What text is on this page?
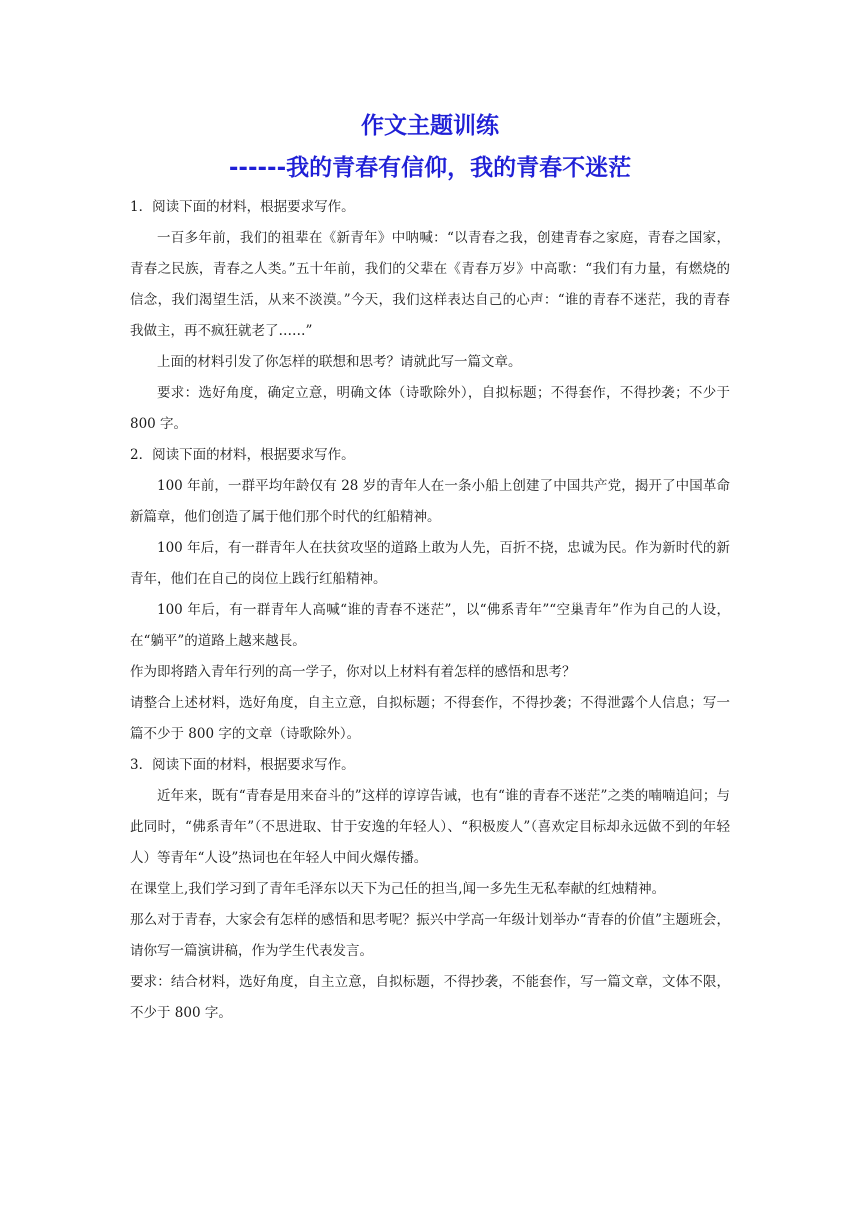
作文主题训练
------我的青春有信仰，我的青春不迷茫

1．阅读下面的材料，根据要求写作。

一百多年前，我们的祖辈在《新青年》中呐喊：“以青春之我，创建青春之家庭，青春之国家，青春之民族，青春之人类。”五十年前，我们的父辈在《青春万岁》中高歌：“我们有力量，有燃烧的信念，我们渴望生活，从来不淡漠。”今天，我们这样表达自己的心声：“谁的青春不迷茫，我的青春我做主，再不疯狂就老了……”

上面的材料引发了你怎样的联想和思考？请就此写一篇文章。

要求：选好角度，确定立意，明确文体（诗歌除外），自拟标题；不得套作，不得抄袭；不少于 800 字。

2．阅读下面的材料，根据要求写作。

100 年前，一群平均年龄仅有 28 岁的青年人在一条小船上创建了中国共产党，揭开了中国革命新篇章，他们创造了属于他们那个时代的红船精神。

100 年后，有一群青年人在扶贫攻坚的道路上敢为人先，百折不挠，忠诚为民。作为新时代的新青年，他们在自己的岗位上践行红船精神。

100 年后，有一群青年人高喊“谁的青春不迷茫”，以“佛系青年”“空巢青年”作为自己的人设，在“躺平”的道路上越来越長。

作为即将踏入青年行列的高一学子，你对以上材料有着怎样的感悟和思考？

请整合上述材料，选好角度，自主立意，自拟标题；不得套作，不得抄袭；不得泄露个人信息；写一篇不少于 800 字的文章（诗歌除外）。

3．阅读下面的材料，根据要求写作。

近年来，既有“青春是用来奋斗的”这样的谆谆告诫，也有“谁的青春不迷茫”之类的喃喃追问；与此同时，“佛系青年”（不思进取、甘于安逸的年轻人）、“积极废人”（喜欢定目标却永远做不到的年轻人）等青年“人设”热词也在年轻人中间火爆传播。

在课堂上,我们学习到了青年毛泽东以天下为己任的担当,闻一多先生无私奉献的红烛精神。

那么对于青春，大家会有怎样的感悟和思考呢？振兴中学高一年级计划举办“青春的价值”主题班会，请你写一篇演讲稿，作为学生代表发言。

要求：结合材料，选好角度，自主立意，自拟标题，不得抄袭，不能套作，写一篇文章，文体不限，不少于 800 字。
